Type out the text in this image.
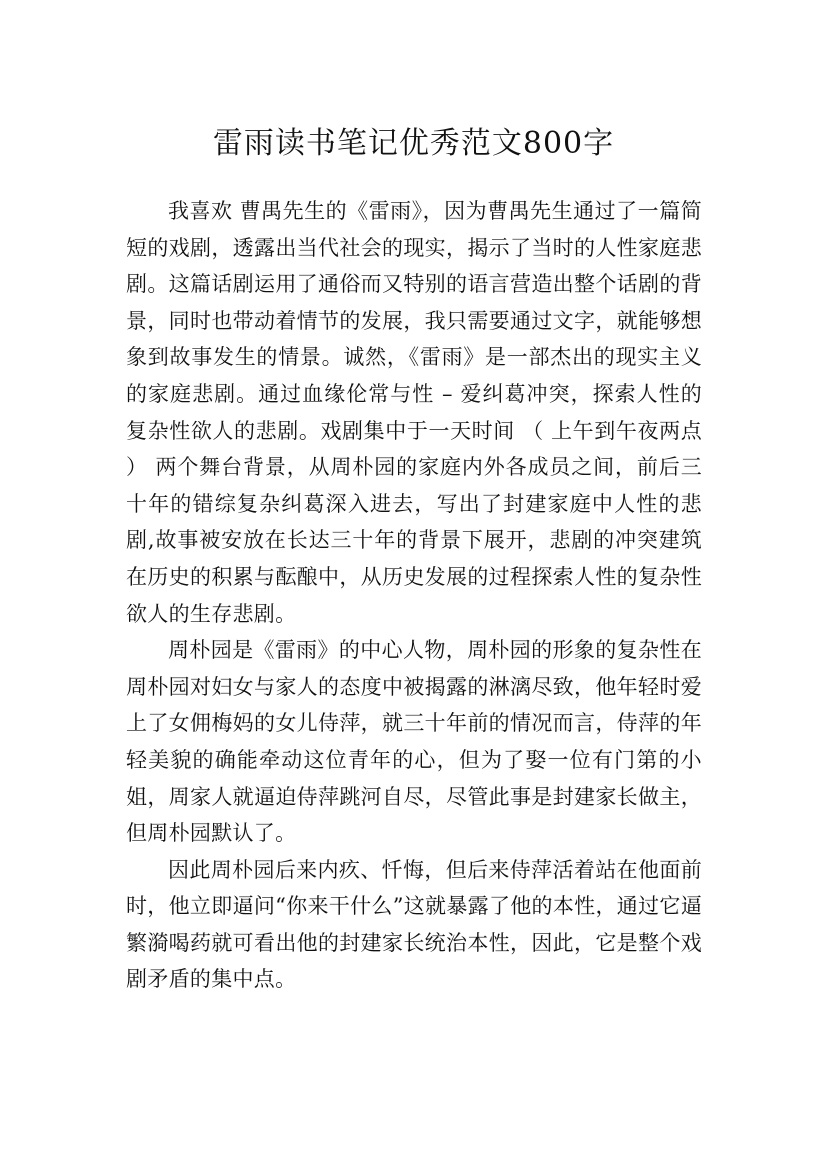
雷雨读书笔记优秀范文800字

我喜欢 曹禺先生的《雷雨》，因为曹禺先生通过了一篇简短的戏剧，透露出当代社会的现实，揭示了当时的人性家庭悲剧。这篇话剧运用了通俗而又特别的语言营造出整个话剧的背景，同时也带动着情节的发展，我只需要通过文字，就能够想象到故事发生的情景。诚然，《雷雨》是一部杰出的现实主义的家庭悲剧。通过血缘伦常与性 – 爱纠葛冲突，探索人性的复杂性欲人的悲剧。戏剧集中于一天时间 （ 上午到午夜两点 ） 两个舞台背景，从周朴园的家庭内外各成员之间，前后三十年的错综复杂纠葛深入进去，写出了封建家庭中人性的悲剧,故事被安放在长达三十年的背景下展开，悲剧的冲突建筑在历史的积累与酝酿中，从历史发展的过程探索人性的复杂性欲人的生存悲剧。

周朴园是《雷雨》的中心人物，周朴园的形象的复杂性在周朴园对妇女与家人的态度中被揭露的淋漓尽致，他年轻时爱上了女佣梅妈的女儿侍萍，就三十年前的情况而言，侍萍的年轻美貌的确能牵动这位青年的心，但为了娶一位有门第的小姐，周家人就逼迫侍萍跳河自尽，尽管此事是封建家长做主，但周朴园默认了。

因此周朴园后来内疚、忏悔，但后来侍萍活着站在他面前时，他立即逼问“你来干什么”这就暴露了他的本性，通过它逼繁漪喝药就可看出他的封建家长统治本性，因此，它是整个戏剧矛盾的集中点。
